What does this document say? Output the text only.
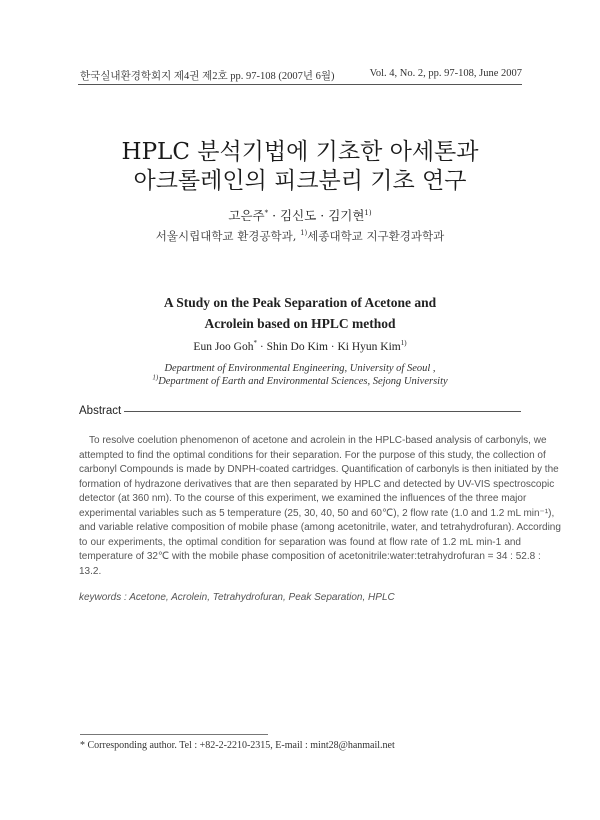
한국실내환경학회지 제4권 제2호 pp. 97-108 (2007년 6월)	Vol. 4, No. 2, pp. 97-108, June 2007
HPLC 분석기법에 기초한 아세톤과
아크롤레인의 피크분리 기초 연구
고은주* · 김신도 · 김기현$^{1)}$
서울시립대학교 환경공학과, $^{1)}$세종대학교 지구환경과학과
A Study on the Peak Separation of Acetone and
Acrolein based on HPLC method
Eun Joo Goh* · Shin Do Kim · Ki Hyun Kim$^{1)}$
Department of Environmental Engineering, University of Seoul ,
$^{1)}$Department of Earth and Environmental Sciences, Sejong University
Abstract
To resolve coelution phenomenon of acetone and acrolein in the HPLC-based analysis of carbonyls, we
attempted to find the optimal conditions for their separation. For the purpose of this study, the collection of
carbonyl Compounds is made by DNPH-coated cartridges. Quantification of carbonyls is then initiated by the
formation of hydrazone derivatives that are then separated by HPLC and detected by UV-VIS spectroscopic
detector (at 360 nm). To the course of this experiment, we examined the influences of the three major
experimental variables such as 5 temperature (25, 30, 40, 50 and 60℃), 2 flow rate (1.0 and 1.2 mL min⁻¹),
and variable relative composition of mobile phase (among acetonitrile, water, and tetrahydrofuran). According
to our experiments, the optimal condition for separation was found at flow rate of 1.2 mL min-1 and
temperature of 32℃ with the mobile phase composition of acetonitrile:water:tetrahydrofuran = 34 : 52.8 :
13.2.
keywords : Acetone, Acrolein, Tetrahydrofuran, Peak Separation, HPLC
* Corresponding author. Tel : +82-2-2210-2315, E-mail : mint28@hanmail.net
